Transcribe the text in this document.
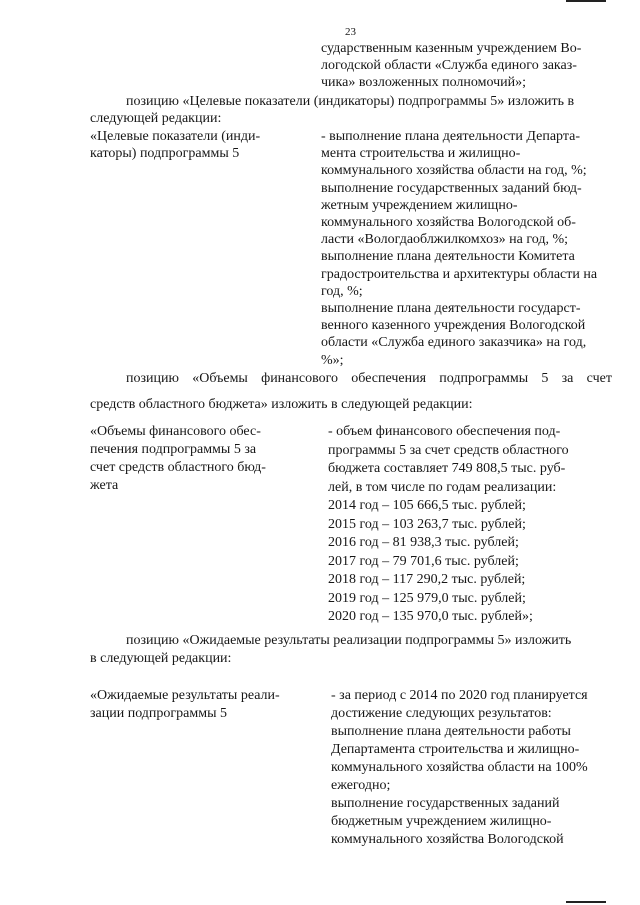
23
сударственным казенным учреждением Во-
логодской области «Служба единого заказ-
чика» возложенных полномочий»;
позицию «Целевые показатели (индикаторы) подпрограммы 5» изложить в
следующей редакции:
«Целевые показатели (инди-
каторы) подпрограммы 5
- выполнение плана деятельности Департа-
мента строительства и жилищно-
коммунального хозяйства области на год, %;
выполнение государственных заданий бюд-
жетным учреждением жилищно-
коммунального хозяйства Вологодской об-
ласти «Вологдаоблжилкомхоз» на год, %;
выполнение плана деятельности Комитета
градостроительства и архитектуры области на
год, %;
выполнение плана деятельности государст-
венного казенного учреждения Вологодской
области «Служба единого заказчика» на год,
%»;
позицию «Объемы финансового обеспечения подпрограммы 5 за счет
средств областного бюджета» изложить в следующей редакции:
«Объемы финансового обес-
печения подпрограммы 5 за
счет средств областного бюд-
жета
- объем финансового обеспечения под-
программы 5 за счет средств областного
бюджета составляет 749 808,5 тыс. руб-
лей, в том числе по годам реализации:
2014 год – 105 666,5 тыс. рублей;
2015 год – 103 263,7 тыс. рублей;
2016 год – 81 938,3 тыс. рублей;
2017 год – 79 701,6 тыс. рублей;
2018 год – 117 290,2 тыс. рублей;
2019 год – 125 979,0 тыс. рублей;
2020 год – 135 970,0 тыс. рублей»;
позицию «Ожидаемые результаты реализации подпрограммы 5» изложить
в следующей редакции:
«Ожидаемые результаты реали-
зации подпрограммы 5
- за период с 2014 по 2020 год планируется
достижение следующих результатов:
выполнение плана деятельности работы
Департамента строительства и жилищно-
коммунального хозяйства области на 100%
ежегодно;
выполнение государственных заданий
бюджетным учреждением жилищно-
коммунального хозяйства Вологодской
